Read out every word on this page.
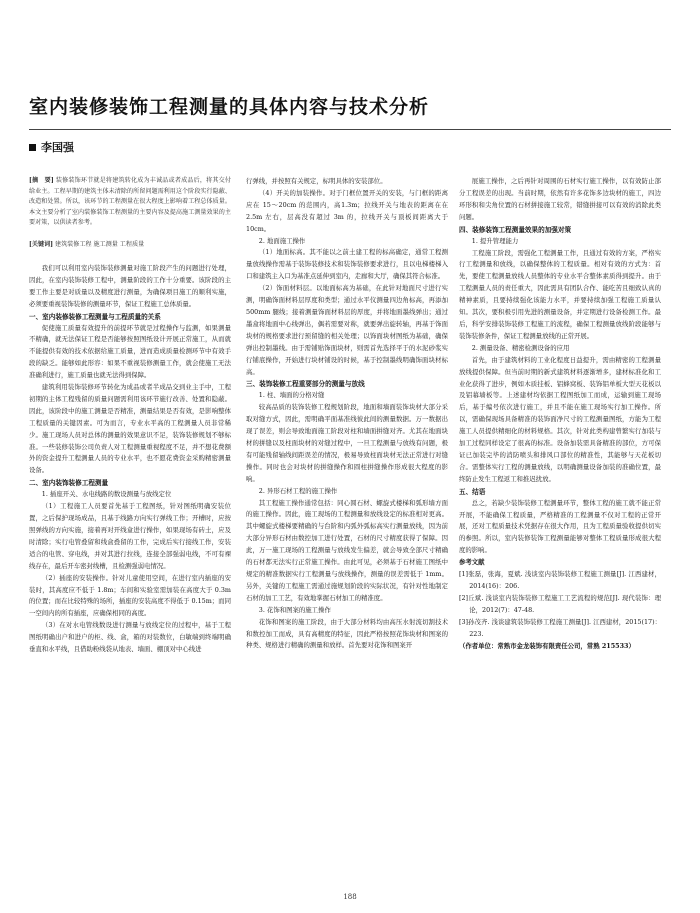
室内装修装饰工程测量的具体内容与技术分析
李国强

[摘　要] 装修装饰环节就是将建筑转化成为丰诚品或者成品后，将其交付给业主。工程早期的建筑主体未清除的所留问题需利用这个阶段实行隐蔽、改造和处置。所以，该环节的工程测量在很大程度上影响着工程总体质量。本文主要分析了室内装修装饰工程测量的主要内容及提高施工测量效果的主要对策，以供读者参考。

[关键词] 建筑装修工程 施工测量 工程质量

我们可以利用室内装饰装修测量对施工阶段产生的问题进行处理，因此，在室内装饰装修工程中，测量阶段的工作十分重要。该阶段的主要工作主要是对质量以及精度进行测量，为确保项目施工的顺利实施，必须要重视装饰装修的测量环节，保证工程施工总体质量。

一、室内装修装修工程测量与工程质量的关系

促使施工质量有效提升的前提环节就是过程操作与监测，如果测量不精确，就无法保证工程是否能够按照图纸设计开展正常施工，从而就不能提供有效的技术依据给施工质量，进而造成质量检测环节中有效手段的缺乏。能够如此形容：如果不重视装修测量工作，就会使施工无法准确利进行，施工质量也就无法得到保障。

建筑利用装饰装修环节转化为成品或者半成品交到业主手中，工程初期的主体工程残留的质量问题需利用该环节施行改善、处置和隐蔽。因此，该阶段中的施工测量是否精准，测量结果是否有效，是影响整体工程质量的关键因素。可为而言，专业水平高的工程测量人员非常稀少。施工现场人员对总体的测量的效果意识不足，装饰装修规划不够标准。一些装修装饰公司负责人对工程测量重视程度不足，并不想花费额外的资金提升工程测量人员的专业水平，也不愿花费资金采购精密测量设备。

二、室内装饰装修工程测量

1. 插座开关、水电线路的数设测量与放线定位

（1）工程施工人员要首先基于工程图纸，针对图纸明确安装位置，之后保护现场成品，且基于线路方向实行弹线工作；开槽时，应按照弹线的方向实施，接着再对开线盒进行操作，如果现场有砖土，应及时清除；实行电管叠留和线盒叠留的工作，完成后实行接线工作，安装适合的电管、穿电线，并对其进行拉线，连接全部强弱电线，不可有裸线存在，最后开车密封线槽，且检测强弱电情况。

（2）插座的安装操作。针对儿童使用空间，在进行室内插座的安装时，其高度应不低于 1.8m；车间和实验室需加装在高度大于 0.3m 的位置；而在比较特殊的场所，插座的安装高度不得低于 0.15m；而同一空间内的所有插座，应确保相同的高度。

（3）在对水电管线数设进行测量与放线定位的过程中，基于工程图纸明确出户和进户的柜、线、盒，箱的对装数位，白敏端到终端明确垂直和水平线，且借助粉线袋从地表、墙面、棚顶对中心线进

行弹线，并按照有关规定，标明具体的安装部位。

（4）开关的加装操作。对于门框位置开关的安装，与门框的距离应在 15～20cm 的范围内，高1.3m；拉线开关与地表的距离在在 2.5m 左右，层高没有超过 3m 的，拉线开关与顶板间距离大于10cm。

2. 地面施工操作

（1）地面标高。其不能以之前土建工程的标高确定，通常工程测量放线操作需基于装饰装修技术和装饰装修要求进行，且以电梯楼梯入口和建筑主入口为基准点延伸到室内，走廊和大厅，确保其符合标准。

（2）饰面材料层。以地面标高为基础，在此针对地面尺寸进行实测，明确饰面材料层厚度和类型；通过水平仪测量四边角标高，再添加 500mm 腿线；接着测量饰面材料层的厚度，并将地面墨线弹出；通过墨盒将地面中心线弹出，偶若需要对称，就要弹出旋转轴，再基于饰面块材的规格要求进行预留缝的相关处理；以饰面块材图纸为基础，确保弹出控制墨线。由于需铺贴饰面块材，则需首先选择平于的水泥砂浆实行铺底操作，开始进行块材铺设的时候，基于控制墨线明确饰面块材标高。

三、装饰装修工程重要部分的测量与放线

1. 柱、墙面的分格对缝

较高品质的装饰装修工程规划阶段，地面和墙面装饰块材大部分采取对缝方式，因此，需明确平面基准线彼此间的测量数据。万一数据出现了误差，则会导致地面施工阶段对柱和墙面拼缝对齐。尤其在地面块材的拼缝以及柱面块材的对缝过程中，一旦工程测量与放线有问题，极有可能残留轴线间距误差的情况，极易导致柱面块材无法正常进行对缝操作。同时也会对块材的拼缝操作和圆柱拼缝操作形成很大程度的影响。

2. 异形石材工程的施工操作

其工程施工操作通常包括：同心圆石材、螺旋式楼梯和弧形墙方面的施工操作。因此，施工现场的工程测量和放线设定的标准相对更高。其中螺旋式楼梯要精确的与台阶和内弧外弧标高实行测量放线，因为前大部分异形石材由数控加工进行处置，石材的尺寸精度获得了保障。因此，万一施工现场的工程测量与放线发生偏差，就会导致全部尺寸精确的石材都无法实行正常施工操作。由此可见，必须基于石材施工图纸中规定的精准数据实行工程测量与放线操作，测量的误差需低于 1mm。另外，关键的工程施工需通过施规划阶段的实际状况，有针对性地制定石材的加工工艺，有效地掌握石材加工的精准度。

3. 花饰和图案的施工操作

花饰和图案的施工阶段，由于大部分材料均由高压水射流切割技术和数控加工而成，具有高精度的特征，因此严格按照花饰块材和图案的种类、规格进行精确的测量和放样。首先要对花饰和图案开

展施工操作，之后再针对周围的石材实行施工操作，以有效防止部分工程误差的出现。当前时期，依然有许多花饰多边块材的施工，四边环形积和尖角位置的石材拼接施工较常，错缝拼接可以有效的消除此类问题。

四、装修装饰工程测量效果的加强对策

1. 提升管理能力

工程施工阶段，需强化工程测量工作，且通过有效的方案，严格实行工程测量和放线，以确保整体的工程质量。相对有效的方式为：首先，要使工程测量放线人员整体的专业水平合整体素质得到提升。由于工程测量人员的责任重大，因此需具有团队合作、能吃苦且细致认真的精神素质，且要持续强化该能力水平，并要持续加强工程施工质量认知。其次，要积极引用先进的测量设备，并定期进行设备检测工作。最后，科学安排装饰装修工程施工的流程，确保工程测量放线阶段能够与装饰装修条件，保证工程测量放线的正常开展。

2. 测量设备、精密检测设备的应用

首先，由于建筑材料的工业化程度日益提升，需由精密的工程测量放线提供保障。但当前时期的新式建筑材料逐渐增多，建材标准化和工业化获得了进步，例如木质挂板、铝蜂窝板、装饰铝单板大型天花板以及铝幕墙板等。上述建材均依据工程图纸加工而成，运输到施工现场后，基于编号依次进行施工，并且不能在施工现场实行加工操作。所以，需确保现场具备精准的装饰面净尺寸的工程测量图纸，方能为工程施工人员提供精细化的材料规格。其次，针对此类构建曾繁实行加装与加工过程同样设定了很高的标准。设备加装需具备精准的部位，方可保证已加装完毕的消防喷头和排风口部位的精准性，其能够与天花板切合。需整体实行工程的测量放线，以明确测量设备加装的准确位置，最终防止发生工程返工和推迟扰放。

五、结语

总之，若缺少装饰装修工程测量环节，整体工程的施工就不能正常开展，不能确保工程质量，严格精准的工程测量不仅对工程的正常开展，还对工程质量技术凭据存在很大作用，且为工程质量验收提供切实的参照。所以，室内装修装饰工程测量能够对整体工程质量形成很大程度的影响。

参考文献

[1]张磊，张海，夏斌. 浅谈室内装饰装修工程施工测量[J]. 江西建材，2014(16)：206.

[2]丘斌. 浅谈室内装饰装修工程施工工艺流程的规范[J]. 现代装饰：理论，2012(7)：47-48.

[3]孙茂齐. 浅谈建筑装饰装修工程施工测量[J]. 江西建材，2015(17)：223.

（作者单位：常熟市金龙装饰有限责任公司，常熟 215533）

188
